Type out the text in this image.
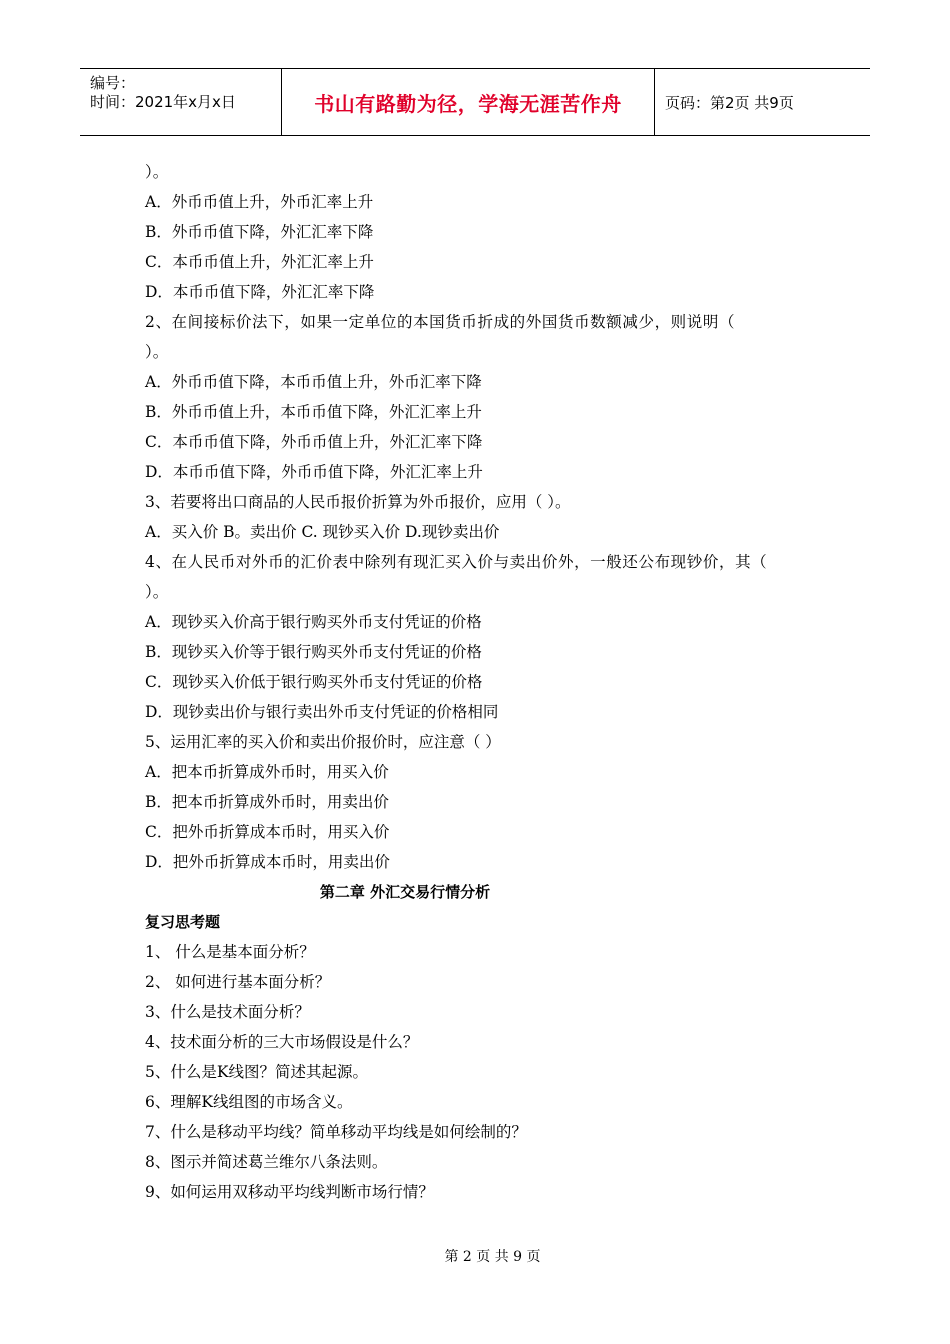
编号：
时间：2021年x月x日	书山有路勤为径，学海无涯苦作舟	页码：第2页 共9页
）。
A．外币币值上升，外币汇率上升
B．外币币值下降，外汇汇率下降
C．本币币值上升，外汇汇率上升
D．本币币值下降，外汇汇率下降
2、在间接标价法下，如果一定单位的本国货币折成的外国货币数额减少，则说明（
）。
A．外币币值下降，本币币值上升，外币汇率下降
B．外币币值上升，本币币值下降，外汇汇率上升
C．本币币值下降，外币币值上升，外汇汇率下降
D．本币币值下降，外币币值下降，外汇汇率上升
3、若要将出口商品的人民币报价折算为外币报价，应用（ ）。
A．买入价 B。卖出价 C. 现钞买入价 D.现钞卖出价
4、在人民币对外币的汇价表中除列有现汇买入价与卖出价外，一般还公布现钞价，其（
）。
A．现钞买入价高于银行购买外币支付凭证的价格
B．现钞买入价等于银行购买外币支付凭证的价格
C．现钞买入价低于银行购买外币支付凭证的价格
D．现钞卖出价与银行卖出外币支付凭证的价格相同
5、运用汇率的买入价和卖出价报价时，应注意（ ）
A．把本币折算成外币时，用买入价
B．把本币折算成外币时，用卖出价
C．把外币折算成本币时，用买入价
D．把外币折算成本币时，用卖出价
第二章 外汇交易行情分析
复习思考题
1、 什么是基本面分析？
2、 如何进行基本面分析？
3、什么是技术面分析？
4、技术面分析的三大市场假设是什么？
5、什么是K线图？简述其起源。
6、理解K线组图的市场含义。
7、什么是移动平均线？简单移动平均线是如何绘制的？
8、图示并简述葛兰维尔八条法则。
9、如何运用双移动平均线判断市场行情？
第 2 页 共 9 页
